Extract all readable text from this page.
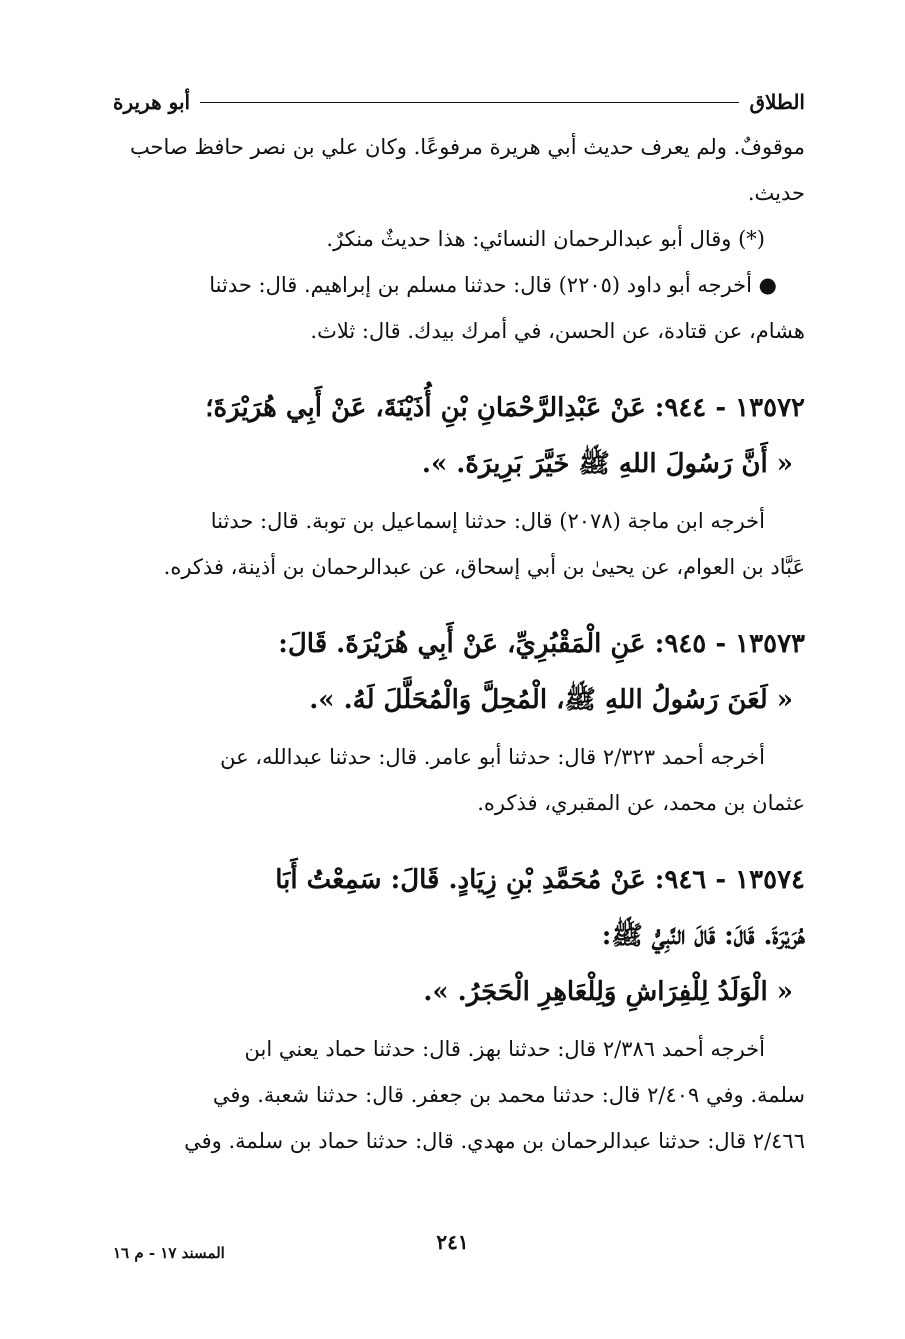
الطلاق
أبو هريرة
موقوفٌ. ولم يعرف حديث أبي هريرة مرفوعًا. وكان علي بن نصر حافظ صاحب
حديث.
(*) وقال أبو عبدالرحمان النسائي: هذا حديثٌ منكرٌ.
● أخرجه أبو داود (٢٢٠٥) قال: حدثنا مسلم بن إبراهيم. قال: حدثنا
هشام، عن قتادة، عن الحسن، في أمرك بيدك. قال: ثلاث.
١٣٥٧٢ - ٩٤٤: عَنْ عَبْدِالرَّحْمَانِ بْنِ أُذَيْنَةَ، عَنْ أَبِي هُرَيْرَةَ؛
« أَنَّ رَسُولَ اللهِ ﷺ خَيَّرَ بَرِيرَةَ. ».
أخرجه ابن ماجة (٢٠٧٨) قال: حدثنا إسماعيل بن توبة. قال: حدثنا
عَبَّاد بن العوام، عن يحيىٰ بن أبي إسحاق، عن عبدالرحمان بن أذينة، فذكره.
١٣٥٧٣ - ٩٤٥: عَنِ الْمَقْبُرِيِّ، عَنْ أَبِي هُرَيْرَةَ. قَالَ:
« لَعَنَ رَسُولُ اللهِ ﷺ، الْمُحِلَّ وَالْمُحَلَّلَ لَهُ. ».
أخرجه أحمد ٢/٣٢٣ قال: حدثنا أبو عامر. قال: حدثنا عبدالله، عن
عثمان بن محمد، عن المقبري، فذكره.
١٣٥٧٤ - ٩٤٦: عَنْ مُحَمَّدِ بْنِ زِيَادٍ. قَالَ: سَمِعْتُ أَبَا
هُرَيْرَةَ. قَالَ: قَالَ النَّبِيُّ ﷺ:
« الْوَلَدُ لِلْفِرَاشِ وَلِلْعَاهِرِ الْحَجَرُ. ».
أخرجه أحمد ٢/٣٨٦ قال: حدثنا بهز. قال: حدثنا حماد يعني ابن
سلمة. وفي ٢/٤٠٩ قال: حدثنا محمد بن جعفر. قال: حدثنا شعبة. وفي
٢/٤٦٦ قال: حدثنا عبدالرحمان بن مهدي. قال: حدثنا حماد بن سلمة. وفي
٢٤١
المسند ١٧ - م ١٦
